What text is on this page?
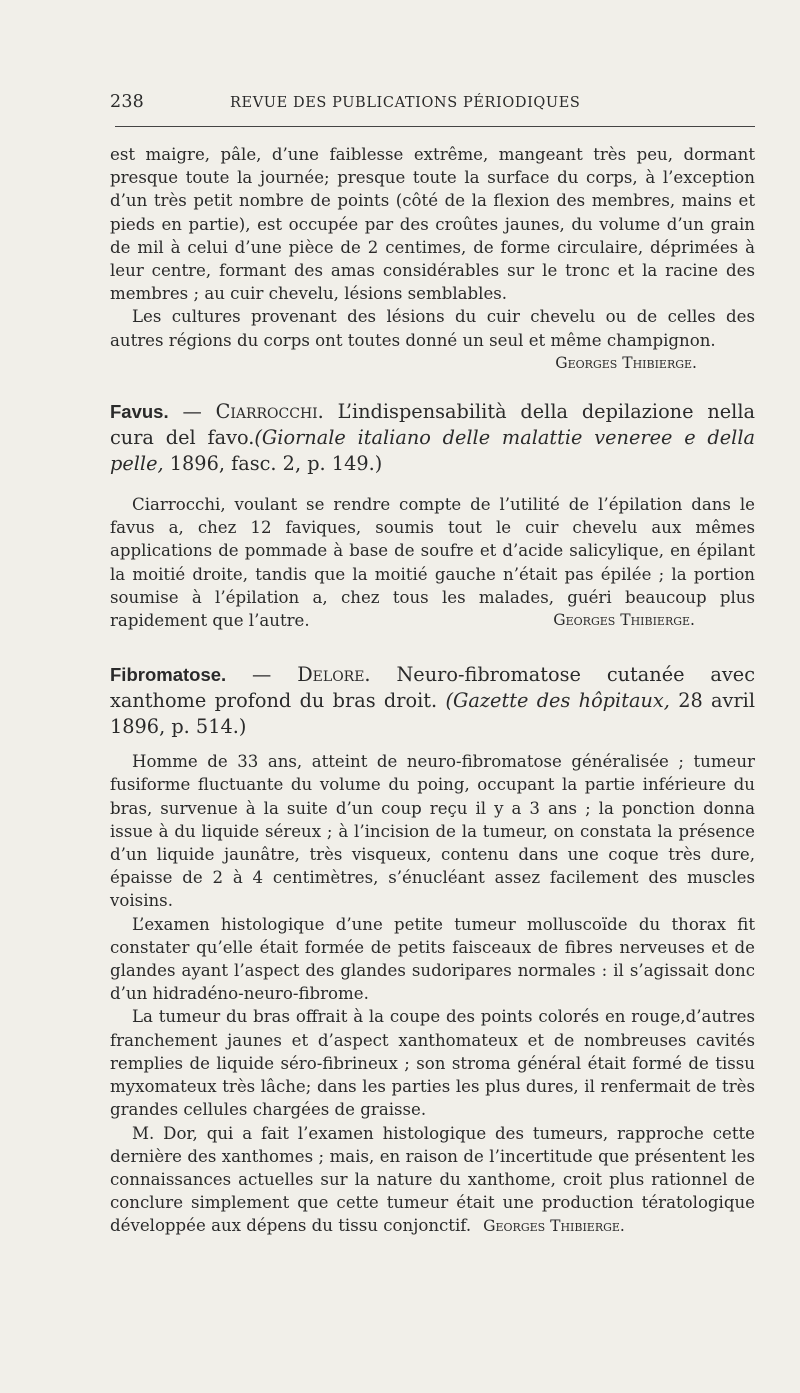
238	REVUE DES PUBLICATIONS PÉRIODIQUES

est maigre, pâle, d’une faiblesse extrême, mangeant très peu, dormant presque toute la journée; presque toute la surface du corps, à l’exception d’un très petit nombre de points (côté de la flexion des membres, mains et pieds en partie), est occupée par des croûtes jaunes, du volume d’un grain de mil à celui d’une pièce de 2 centimes, de forme circulaire, déprimées à leur centre, formant des amas considérables sur le tronc et la racine des membres ; au cuir chevelu, lésions semblables.

Les cultures provenant des lésions du cuir chevelu ou de celles des autres régions du corps ont toutes donné un seul et même champignon.

Georges Thibierge.

Favus. — Ciarrocchi. L’indispensabilità della depilazione nella cura del favo.(Giornale italiano delle malattie veneree e della pelle, 1896, fasc. 2, p. 149.)

Ciarrocchi, voulant se rendre compte de l’utilité de l’épilation dans le favus a, chez 12 faviques, soumis tout le cuir chevelu aux mêmes applications de pommade à base de soufre et d’acide salicylique, en épilant la moitié droite, tandis que la moitié gauche n’était pas épilée ; la portion soumise à l’épilation a, chez tous les malades, guéri beaucoup plus rapidement que l’autre.	Georges Thibierge.

Fibromatose. — Delore. Neuro-fibromatose cutanée avec xanthome profond du bras droit. (Gazette des hôpitaux, 28 avril 1896, p. 514.)

Homme de 33 ans, atteint de neuro-fibromatose généralisée ; tumeur fusiforme fluctuante du volume du poing, occupant la partie inférieure du bras, survenue à la suite d’un coup reçu il y a 3 ans ; la ponction donna issue à du liquide séreux ; à l’incision de la tumeur, on constata la présence d’un liquide jaunâtre, très visqueux, contenu dans une coque très dure, épaisse de 2 à 4 centimètres, s’énucléant assez facilement des muscles voisins.

L’examen histologique d’une petite tumeur molluscoïde du thorax fit constater qu’elle était formée de petits faisceaux de fibres nerveuses et de glandes ayant l’aspect des glandes sudoripares normales : il s’agissait donc d’un hidradéno-neuro-fibrome.

La tumeur du bras offrait à la coupe des points colorés en rouge,d’autres franchement jaunes et d’aspect xanthomateux et de nombreuses cavités remplies de liquide séro-fibrineux ; son stroma général était formé de tissu myxomateux très lâche; dans les parties les plus dures, il renfermait de très grandes cellules chargées de graisse.

M. Dor, qui a fait l’examen histologique des tumeurs, rapproche cette dernière des xanthomes ; mais, en raison de l’incertitude que présentent les connaissances actuelles sur la nature du xanthome, croit plus rationnel de conclure simplement que cette tumeur était une production tératologique développée aux dépens du tissu conjonctif. Georges Thibierge.
